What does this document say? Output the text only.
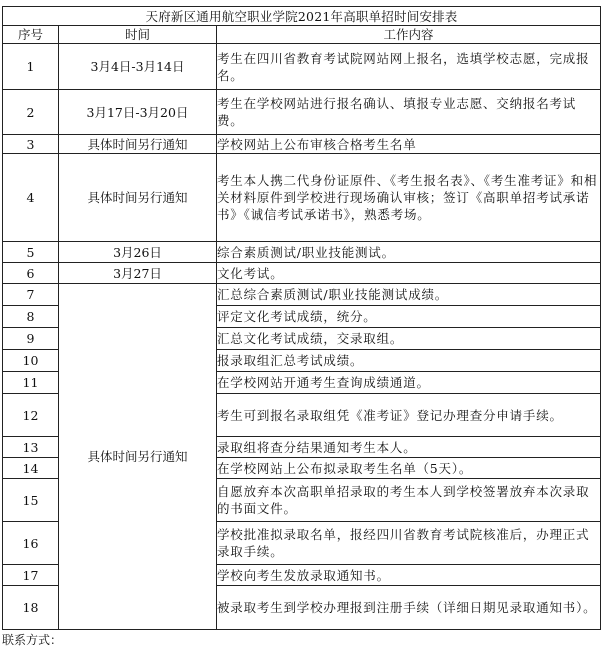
天府新区通用航空职业学院2021年高职单招时间安排表		
序号	时间	工作内容
1	3月4日-3月14日	考生在四川省教育考试院网站网上报名，选填学校志愿，完成报名。
2	3月17日-3月20日	考生在学校网站进行报名确认、填报专业志愿、交纳报名考试费。
3	具体时间另行通知	学校网站上公布审核合格考生名单
4	具体时间另行通知	考生本人携二代身份证原件、《考生报名表》、《考生准考证》和相关材料原件到学校进行现场确认审核；签订《高职单招考试承诺书》《诚信考试承诺书》，熟悉考场。
5	3月26日	综合素质测试/职业技能测试。
6	3月27日	文化考试。
7	具体时间另行通知	汇总综合素质测试/职业技能测试成绩。
8		评定文化考试成绩，统分。
9		汇总文化考试成绩，交录取组。
10		报录取组汇总考试成绩。
11		在学校网站开通考生查询成绩通道。
12		考生可到报名录取组凭《准考证》登记办理查分申请手续。
13		录取组将查分结果通知考生本人。
14		在学校网站上公布拟录取考生名单（5天）。
15		自愿放弃本次高职单招录取的考生本人到学校签署放弃本次录取的书面文件。
16		学校批准拟录取名单，报经四川省教育考试院核准后，办理正式录取手续。
17		学校向考生发放录取通知书。
18		被录取考生到学校办理报到注册手续（详细日期见录取通知书）。
联系方式：
